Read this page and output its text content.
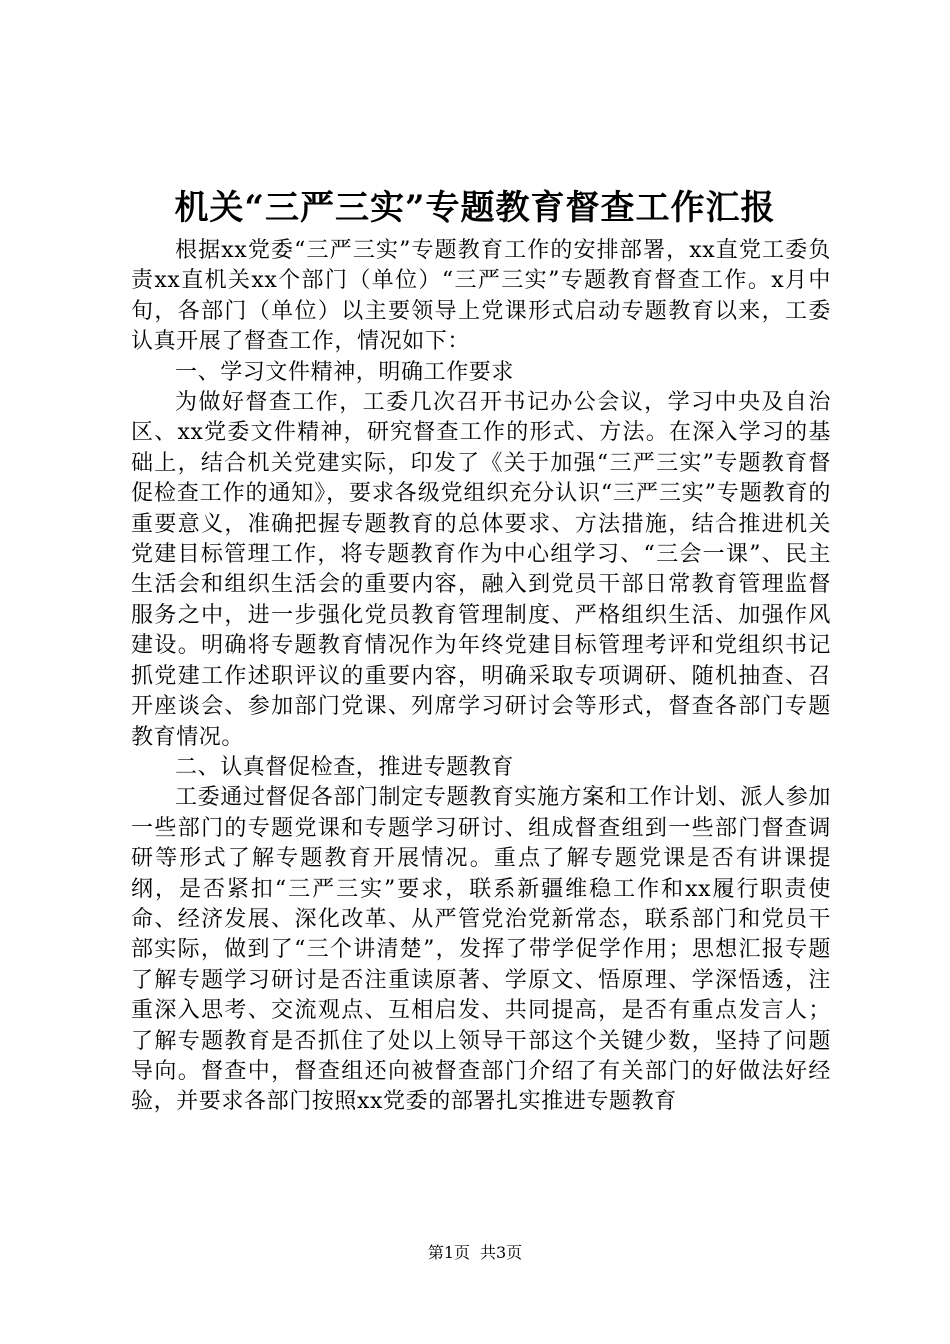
机关“三严三实”专题教育督查工作汇报

根据xx党委“三严三实”专题教育工作的安排部署，xx直党工委负责xx直机关xx个部门（单位）“三严三实”专题教育督查工作。x月中旬，各部门（单位）以主要领导上党课形式启动专题教育以来，工委认真开展了督查工作，情况如下：

一、学习文件精神，明确工作要求

为做好督查工作，工委几次召开书记办公会议，学习中央及自治区、xx党委文件精神，研究督查工作的形式、方法。在深入学习的基础上，结合机关党建实际，印发了《关于加强“三严三实”专题教育督促检查工作的通知》，要求各级党组织充分认识“三严三实”专题教育的重要意义，准确把握专题教育的总体要求、方法措施，结合推进机关党建目标管理工作，将专题教育作为中心组学习、“三会一课”、民主生活会和组织生活会的重要内容，融入到党员干部日常教育管理监督服务之中，进一步强化党员教育管理制度、严格组织生活、加强作风建设。明确将专题教育情况作为年终党建目标管理考评和党组织书记抓党建工作述职评议的重要内容，明确采取专项调研、随机抽查、召开座谈会、参加部门党课、列席学习研讨会等形式，督查各部门专题教育情况。

二、认真督促检查，推进专题教育

工委通过督促各部门制定专题教育实施方案和工作计划、派人参加一些部门的专题党课和专题学习研讨、组成督查组到一些部门督查调研等形式了解专题教育开展情况。重点了解专题党课是否有讲课提纲，是否紧扣“三严三实”要求，联系新疆维稳工作和xx履行职责使命、经济发展、深化改革、从严管党治党新常态，联系部门和党员干部实际，做到了“三个讲清楚”，发挥了带学促学作用；思想汇报专题了解专题学习研讨是否注重读原著、学原文、悟原理、学深悟透，注重深入思考、交流观点、互相启发、共同提高，是否有重点发言人；了解专题教育是否抓住了处以上领导干部这个关键少数，坚持了问题导向。督查中，督查组还向被督查部门介绍了有关部门的好做法好经验，并要求各部门按照xx党委的部署扎实推进专题教育

第1页 共3页
